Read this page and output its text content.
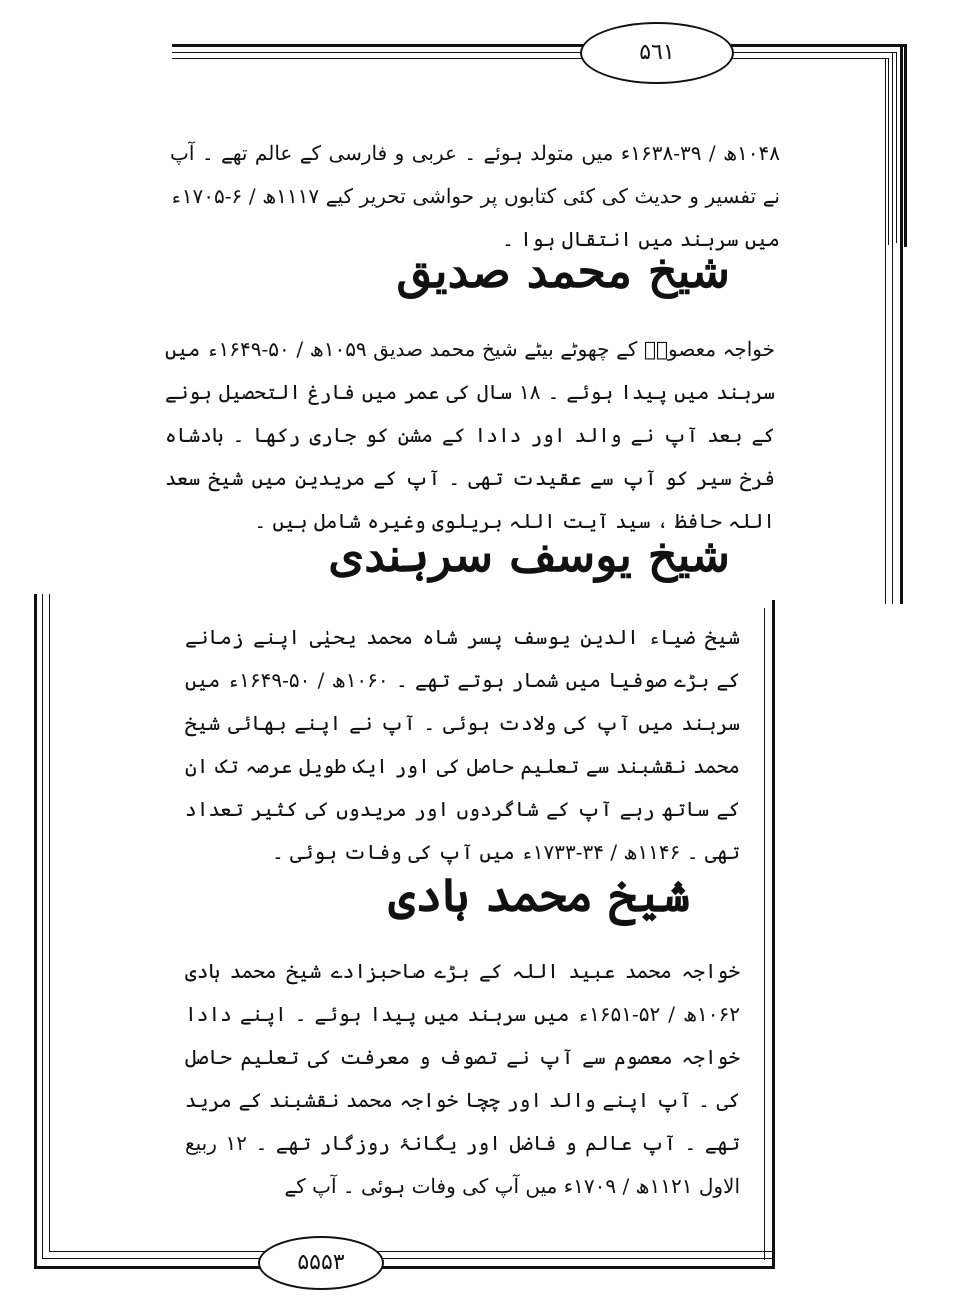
۵٦١

۱۰۴۸ھ / ۳۹-۱۶۳۸ء میں متولد ہوئے ۔ عربی و فارسی کے عالم تھے ۔ آپ نے تفسیر و حدیث کی کئی کتابوں پر حواشی تحریر کیے ۱۱۱۷ھ / ۶-۱۷۰۵ء میں سرہند میں انتقال ہوا ۔

شیخ محمد صدیق

خواجہ معصومؒ کے چھوٹے بیٹے شیخ محمد صدیق ۱۰۵۹ھ / ۵۰-۱۶۴۹ء میں سرہند میں پیدا ہوئے ۔ ۱۸ سال کی عمر میں فارغ التحصیل ہونے کے بعد آپ نے والد اور دادا کے مشن کو جاری رکھا ۔ بادشاہ فرخ سیر کو آپ سے عقیدت تھی ۔ آپ کے مریدین میں شیخ سعد اللہ حافظ ، سید آیت اللہ بریلوی وغیرہ شامل ہیں ۔

شیخ یوسف سرہندی

شیخ ضیاء الدین یوسف پسر شاہ محمد یحیٰی اپنے زمانے کے بڑے صوفیا میں شمار ہوتے تھے ۔ ۱۰۶۰ھ / ۵۰-۱۶۴۹ء میں سرہند میں آپ کی ولادت ہوئی ۔ آپ نے اپنے بھائی شیخ محمد نقشبند سے تعلیم حاصل کی اور ایک طویل عرصہ تک ان کے ساتھ رہے آپ کے شاگردوں اور مریدوں کی کثیر تعداد تھی ۔ ۱۱۴۶ھ / ۳۴-۱۷۳۳ء میں آپ کی وفات ہوئی ۔

شیخ محمد ہادی

خواجہ محمد عبید اللہ کے بڑے صاحبزادے شیخ محمد ہادی ۱۰۶۲ھ / ۵۲-۱۶۵۱ء میں سرہند میں پیدا ہوئے ۔ اپنے دادا خواجہ معصوم سے آپ نے تصوف و معرفت کی تعلیم حاصل کی ۔ آپ اپنے والد اور چچا خواجہ محمد نقشبند کے مرید تھے ۔ آپ عالم و فاضل اور یگانۂ روزگار تھے ۔ ۱۲ ربیع الاول ۱۱۲۱ھ / ۱۷۰۹ء میں آپ کی وفات ہوئی ۔ آپ کے

۵۵۵۳
